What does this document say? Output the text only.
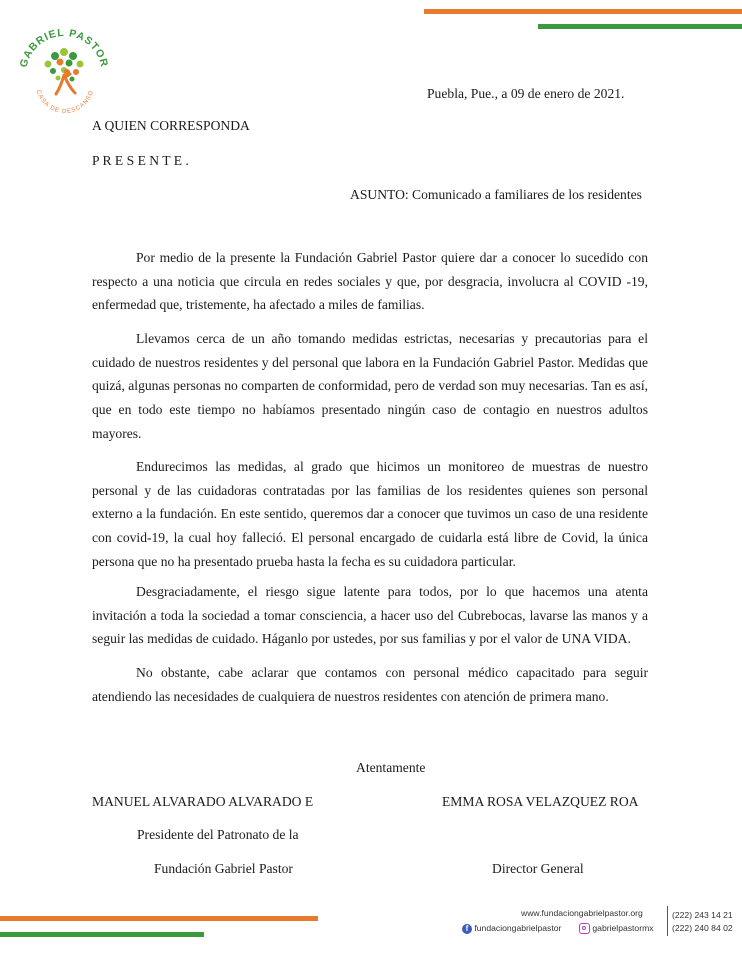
GABRIEL PASTOR
CASA DE DESCANSO	Puebla, Pue., a 09 de enero de 2021.
A QUIEN CORRESPONDA
P R E S E N T E .
ASUNTO: Comunicado a familiares de los residentes

Por medio de la presente la Fundación Gabriel Pastor quiere dar a conocer lo sucedido con respecto a una noticia que circula en redes sociales y que, por desgracia, involucra al COVID -19, enfermedad que, tristemente, ha afectado a miles de familias.

Llevamos cerca de un año tomando medidas estrictas, necesarias y precautorias para el cuidado de nuestros residentes y del personal que labora en la Fundación Gabriel Pastor. Medidas que quizá, algunas personas no comparten de conformidad, pero de verdad son muy necesarias. Tan es así, que en todo este tiempo no habíamos presentado ningún caso de contagio en nuestros adultos mayores.

Endurecimos las medidas, al grado que hicimos un monitoreo de muestras de nuestro personal y de las cuidadoras contratadas por las familias de los residentes quienes son personal externo a la fundación. En este sentido, queremos dar a conocer que tuvimos un caso de una residente con covid-19, la cual hoy falleció. El personal encargado de cuidarla está libre de Covid, la única persona que no ha presentado prueba hasta la fecha es su cuidadora particular.

Desgraciadamente, el riesgo sigue latente para todos, por lo que hacemos una atenta invitación a toda la sociedad a tomar consciencia, a hacer uso del Cubrebocas, lavarse las manos y a seguir las medidas de cuidado. Háganlo por ustedes, por sus familias y por el valor de UNA VIDA.

No obstante, cabe aclarar que contamos con personal médico capacitado para seguir atendiendo las necesidades de cualquiera de nuestros residentes con atención de primera mano.

Atentamente
MANUEL ALVARADO ALVARADO E	EMMA ROSA VELAZQUEZ ROA
Presidente del Patronato de la
Fundación Gabriel Pastor	Director General
www.fundaciongabrielpastor.org
f fundaciongabrielpastor	gabrielpastormx
(222) 243 14 21
(222) 240 84 02
